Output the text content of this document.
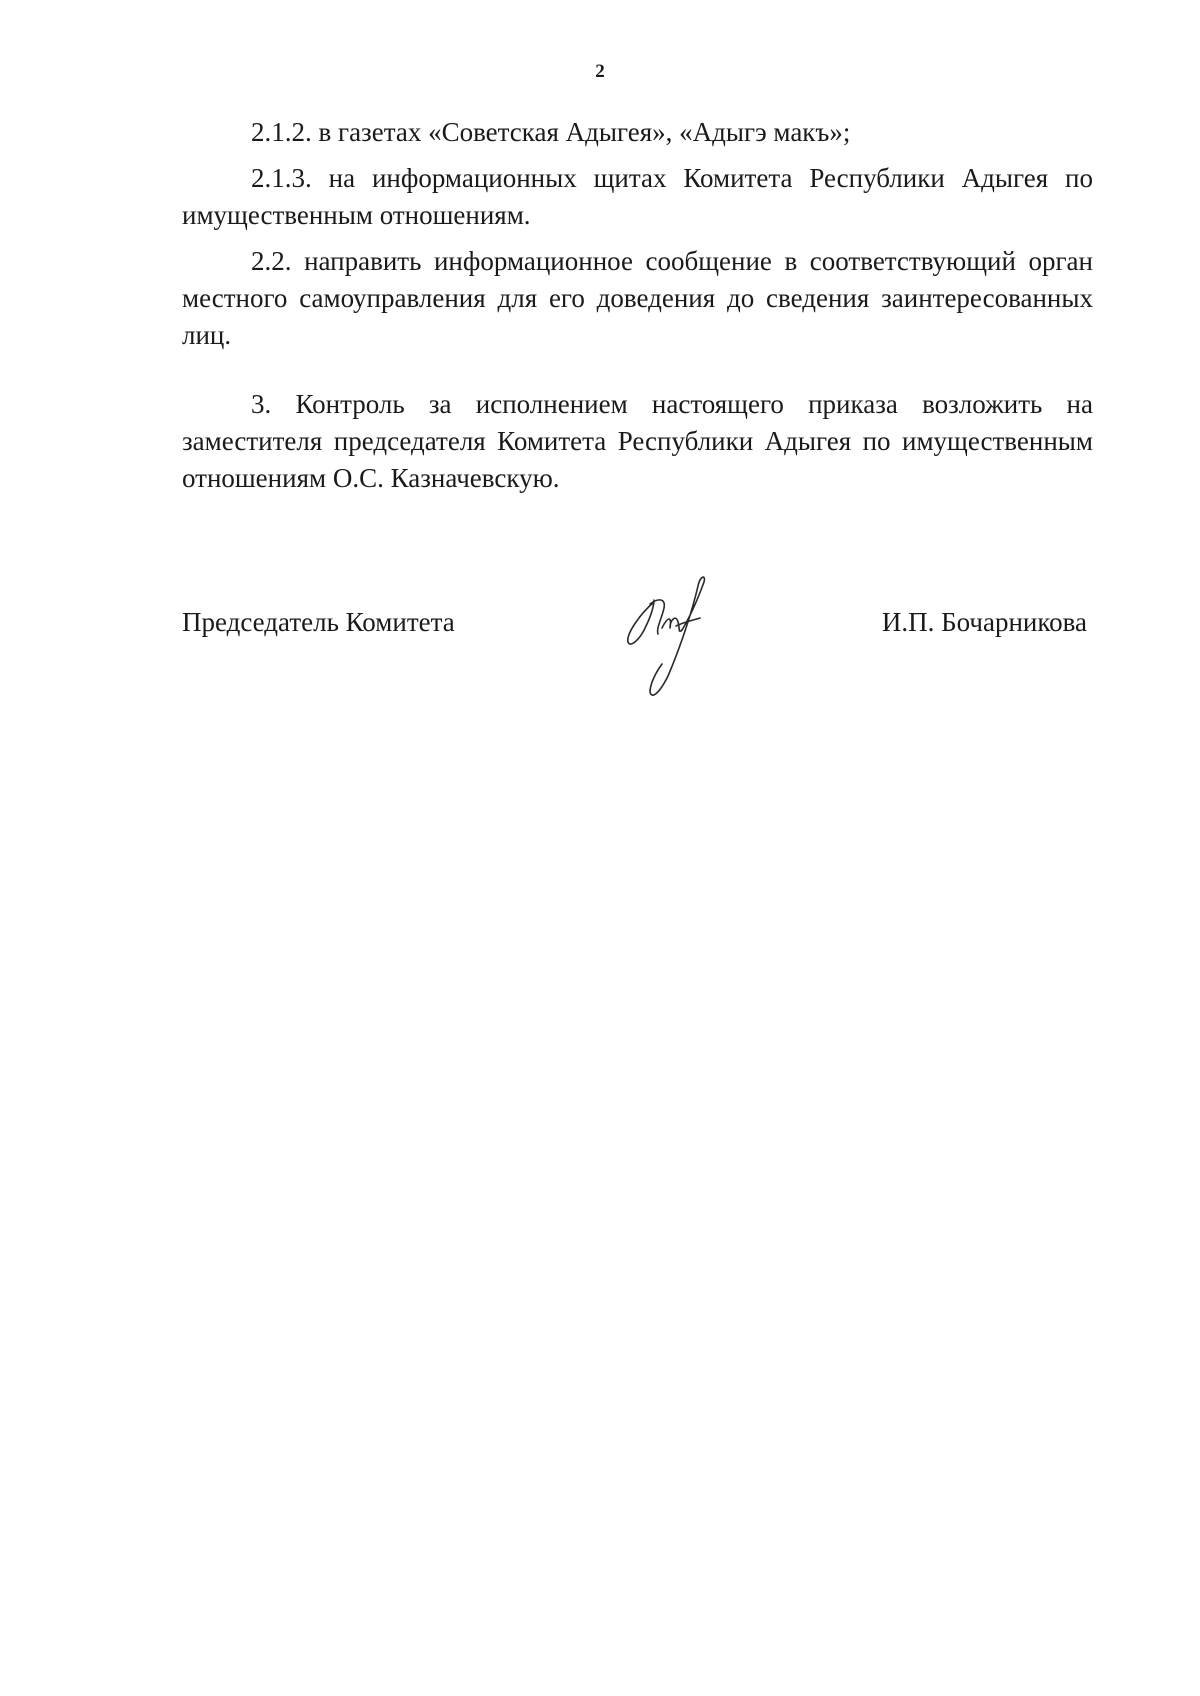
2

2.1.2. в газетах «Советская Адыгея», «Адыгэ макъ»;

2.1.3. на информационных щитах Комитета Республики Адыгея по имущественным отношениям.

2.2. направить информационное сообщение в соответствующий орган местного самоуправления для его доведения до сведения заинтересованных лиц.

3. Контроль за исполнением настоящего приказа возложить на заместителя председателя Комитета Республики Адыгея по имущественным отношениям О.С. Казначевскую.

Председатель Комитета	И.П. Бочарникова
